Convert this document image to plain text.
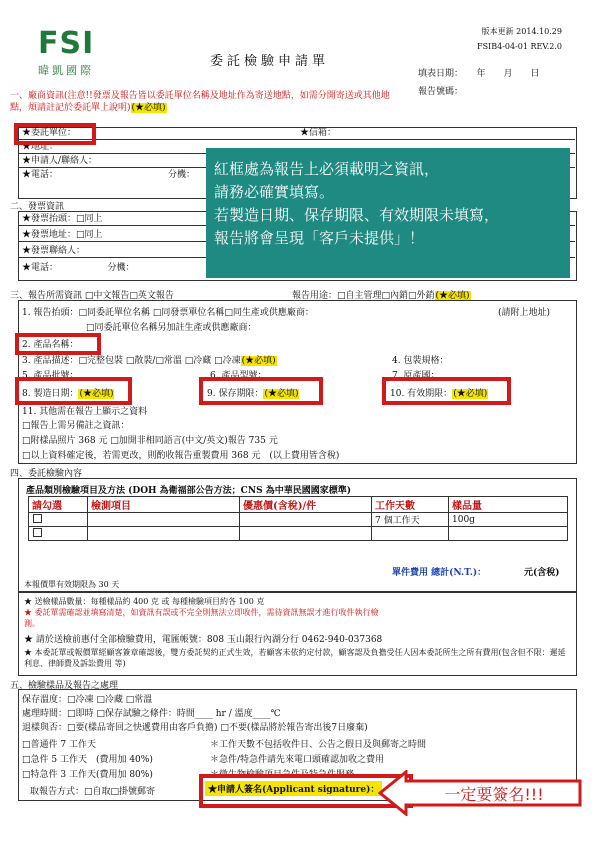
FSI
暐凱國際
版本更新 2014.10.29
FSIB4-04-01 REV.2.0
委託檢驗申請單
填表日期：　　年　　月　　日
報告號碼：
一、廠商資訊(注意!!發票及報告皆以委託單位名稱及地址作為寄送地點，如需分開寄送或其他地點，煩請註記於委託單上說明)(★必填)
★委託單位：	★信箱：
★地址：
★申請人/聯絡人：
★電話：	分機：
二、發票資訊
★發票抬頭：□同上
★發票地址：□同上
★發票聯絡人：
★電話：　　　　　　分機：
紅框處為報告上必須載明之資訊，
請務必確實填寫。
若製造日期、保存期限、有效期限未填寫，
報告將會呈現「客戶未提供」！
三、報告所需資訊 □中文報告□英文報告	報告用途：□自主管理□內銷□外銷(★必填)
1. 報告抬頭：□同委託單位名稱 □同發票單位名稱□同生產或供應廠商：	(請附上地址)
□同委託單位名稱另加註生產或供應廠商：
2. 產品名稱：
3. 產品描述：□完整包裝 □散裝/□常溫 □冷藏 □冷凍(★必填)	4. 包裝規格：
5. 產品批號：	6. 產品型號：	7. 原產國：
8. 製造日期：(★必填)	9. 保存期限：(★必填)	10. 有效期限：(★必填)
11. 其他需在報告上顯示之資料
□報告上需另備註之資訊：
□附樣品照片 368 元 □加開非相同語言(中文/英文)報告 735 元
□以上資料確定後，若需更改，則酌收報告重製費用 368 元　(以上費用皆含稅)
四、委託檢驗內容
產品類別檢驗項目及方法 (DOH 為衛福部公告方法；CNS 為中華民國國家標準)
請勾選	檢測項目	優惠價(含稅)/件	工作天數	樣品量
			7 個工作天	100g

單件費用 總計(N.T.)：	元(含稅)
本報價單有效期限為 30 天
★ 送檢樣品數量：每種樣品約 400 克 或 每種檢驗項目約各 100 克
★ 委託單需確認並填寫清楚，如資訊有誤或不完全則無法立即收件，需待資訊無誤才進行收件執行檢測。
★ 請於送檢前惠付全部檢驗費用，電匯帳號：808 玉山銀行內湖分行 0462-940-037368
★ 本委託單或報價單經顧客簽章確認後，雙方委託契約正式生效，若顧客未依約定付款，顧客認及負擔受任人因本委託所生之所有費用(包含但不限：遲延利息、律師費及訴訟費用 等)
五、檢驗樣品及報告之處理
保存溫度：□冷凍 □冷藏 □常溫
處理時間：□即時 □保存試驗之條件：時間____ hr / 溫度____℃
退樣與否：□要(樣品寄回之快遞費用由客戶負擔) □不要(樣品將於報告寄出後7日廢棄)
□普通件 7 工作天
□急件 5 工作天　(費用加 40%)
□特急件 3 工作天(費用加 80%)
＊工作天數不包括收件日、公告之假日及與郵寄之時間
＊急件/特急件請先來電口頭確認加收之費用
＊微生物檢驗項目急件及特急件服務
取報告方式：□自取□掛號郵寄	★申請人簽名(Applicant signature)：	一定要簽名!!!
